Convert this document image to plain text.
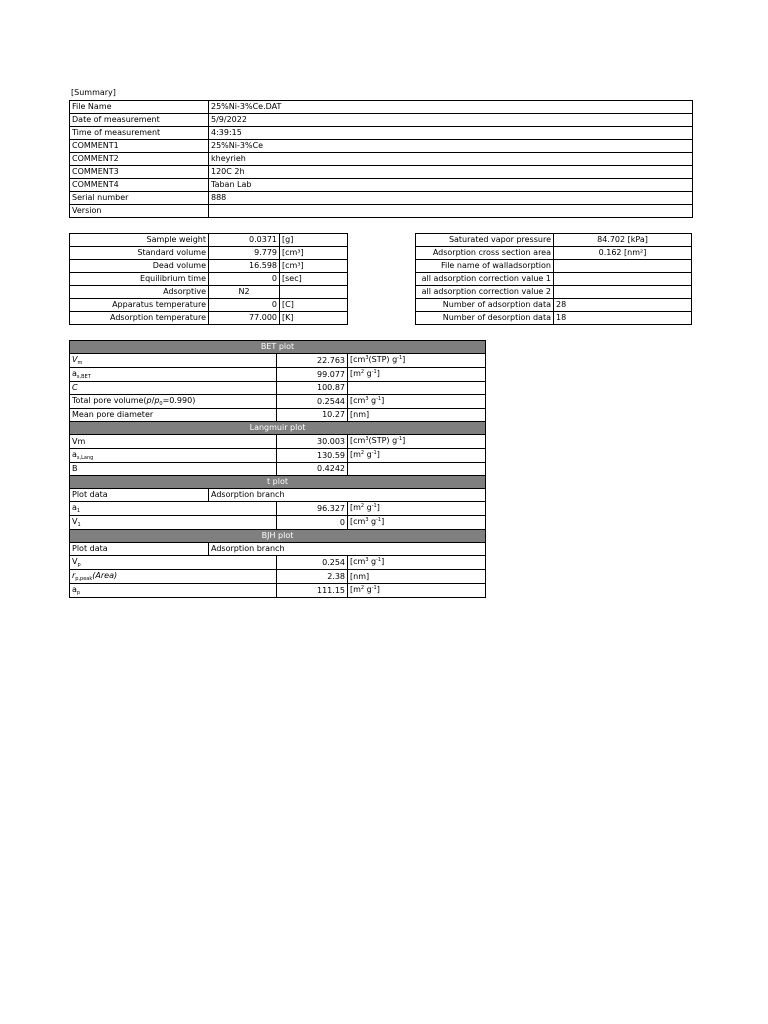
[Summary]
File Name	25%Ni-3%Ce.DAT
Date of measurement	5/9/2022
Time of measurement	4:39:15
COMMENT1	25%Ni-3%Ce
COMMENT2	kheyrieh
COMMENT3	120C 2h
COMMENT4	Taban Lab
Serial number	888
Version	
Sample weight	0.0371	[g]
Standard volume	9.779	[cm³]
Dead volume	16.598	[cm³]
Equilibrium time	0	[sec]
Adsorptive	N2	
Apparatus temperature	0	[C]
Adsorption temperature	77.000	[K]
Saturated vapor pressure	84.702 [kPa]
Adsorption cross section area	0.162 [nm²]
File name of walladsorption	
all adsorption correction value 1	
all adsorption correction value 2	
Number of adsorption data	28
Number of desorption data	18
BET plot			
$V_m$		22.763	[$cm^3(STP)$ $g^{-1}$]
$a_{s,BET}$		99.077	[$m^2$ $g^{-1}$]
C		100.87	
Total pore $volume(p/p_0=0.990)$		0.2544	[$cm^3$ $g^{-1}$]
Mean pore diameter		10.27	[nm]
Langmuir plot			
Vm		30.003	[$cm^3(STP)$ $g^{-1}$]
$a_{s,Lang}$		130.59	[$m^2$ $g^{-1}$]
B		0.4242	
t plot			
Plot data	Adsorption branch		
$a_1$		96.327	[$m^2$ $g^{-1}$]
$V_1$		0	[$cm^3$ $g^{-1}$]
BJH plot			
Plot data	Adsorption branch		
$V_p$		0.254	[$cm^3$ $g^{-1}$]
$r_{p,peak}(Area)$		2.38	[nm]
$a_p$		111.15	[$m^2$ $g^{-1}$]
